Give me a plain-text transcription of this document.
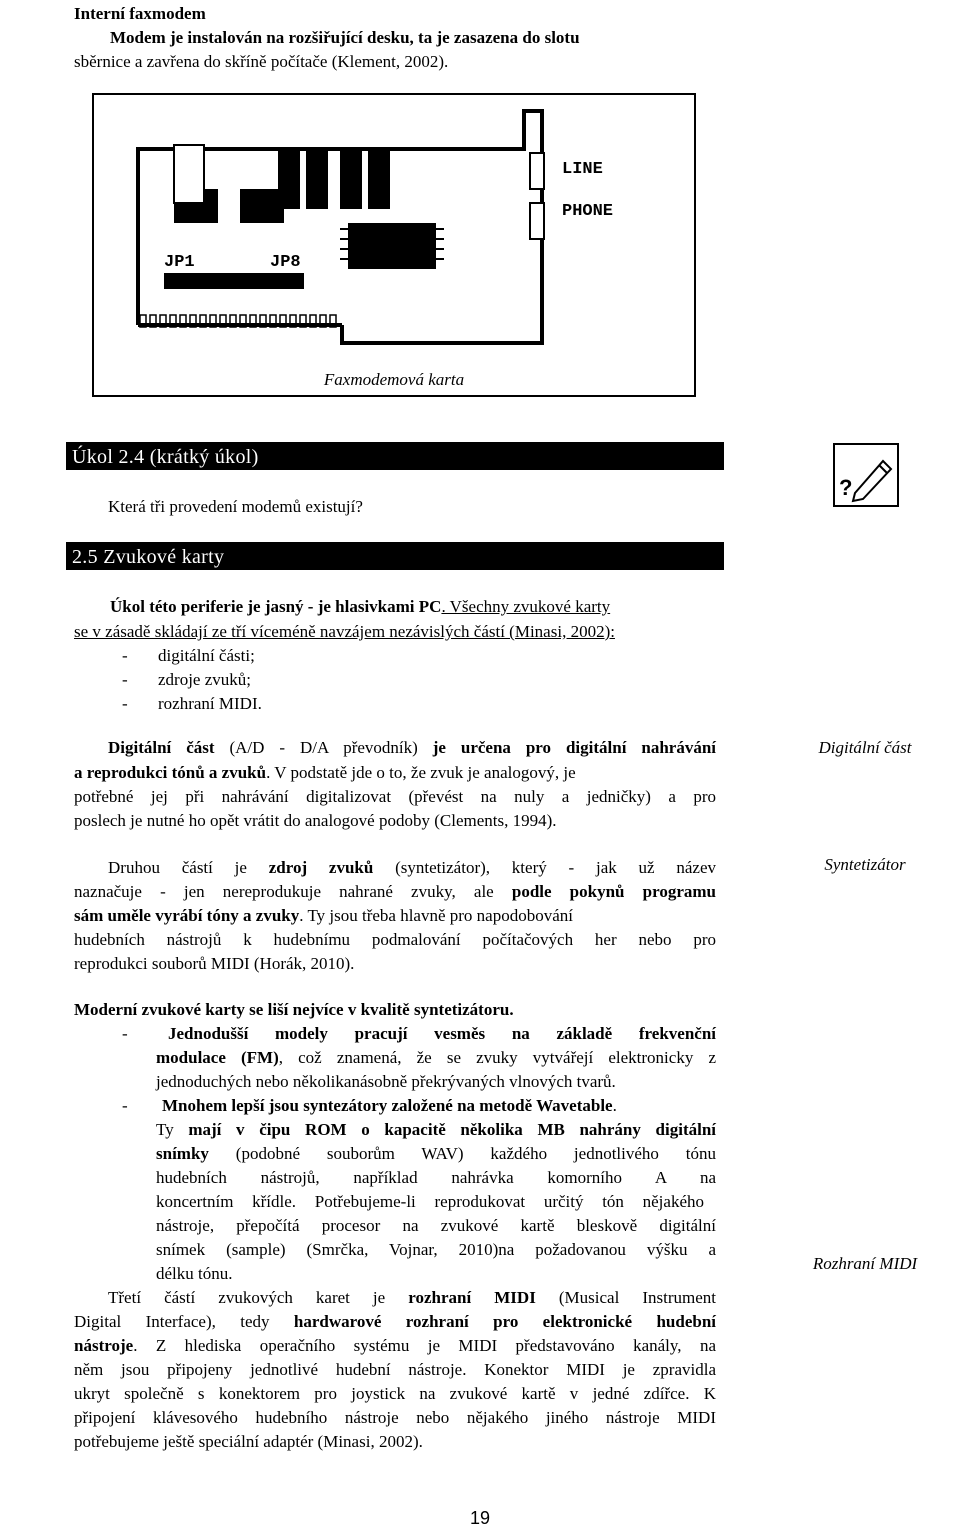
Interní faxmodem
Modem je instalován na rozšiřující desku, ta je zasazena do slotu
sběrnice a zavřena do skříně počítače (Klement, 2002).
LINE
PHONE
JP1	JP8
Faxmodemová karta
Úkol 2.4 (krátký úkol)
Která tři provedení modemů existují?
?
2.5 Zvukové karty
Úkol této periferie je jasný - je hlasivkami PC. Všechny zvukové karty
se v zásadě skládají ze tří víceméně navzájem nezávislých částí (Minasi, 2002):
- digitální části;
- zdroje zvuků;
- rozhraní MIDI.
Digitální část (A/D - D/A převodník) je určena pro digitální nahrávání
a reprodukci tónů a zvuků. V podstatě jde o to, že zvuk je analogový, je
potřebné jej při nahrávání digitalizovat (převést na nuly a jedničky) a pro
poslech je nutné ho opět vrátit do analogové podoby (Clements, 1994).
Druhou částí je zdroj zvuků (syntetizátor), který - jak už název
naznačuje - jen nereprodukuje nahrané zvuky, ale podle pokynů programu
sám uměle vyrábí tóny a zvuky. Ty jsou třeba hlavně pro napodobování
hudebních nástrojů k hudebnímu podmalování počítačových her nebo pro
reprodukci souborů MIDI (Horák, 2010).
Moderní zvukové karty se liší nejvíce v kvalitě syntetizátoru.
- Jednodušší modely pracují vesměs na základě frekvenční
modulace (FM), což znamená, že se zvuky vytvářejí elektronicky z
jednoduchých nebo několikanásobně překrývaných vlnových tvarů.
- Mnohem lepší jsou syntezátory založené na metodě Wavetable.
Ty mají v čipu ROM o kapacitě několika MB nahrány digitální
snímky (podobné souborům WAV) každého jednotlivého tónu
hudebních nástrojů, například nahrávka komorního A na
koncertním křídle. Potřebujeme-li reprodukovat určitý tón nějakého
nástroje, přepočítá procesor na zvukové kartě bleskově digitální
snímek (sample) (Smrčka, Vojnar, 2010)na požadovanou výšku a
délku tónu.
Třetí částí zvukových karet je rozhraní MIDI (Musical Instrument
Digital Interface), tedy hardwarové rozhraní pro elektronické hudební
nástroje. Z hlediska operačního systému je MIDI představováno kanály, na
něm jsou připojeny jednotlivé hudební nástroje. Konektor MIDI je zpravidla
ukryt společně s konektorem pro joystick na zvukové kartě v jedné zdířce. K
připojení klávesového hudebního nástroje nebo nějakého jiného nástroje MIDI
potřebujeme ještě speciální adaptér (Minasi, 2002).
Digitální část
Syntetizátor
Rozhraní MIDI
19
